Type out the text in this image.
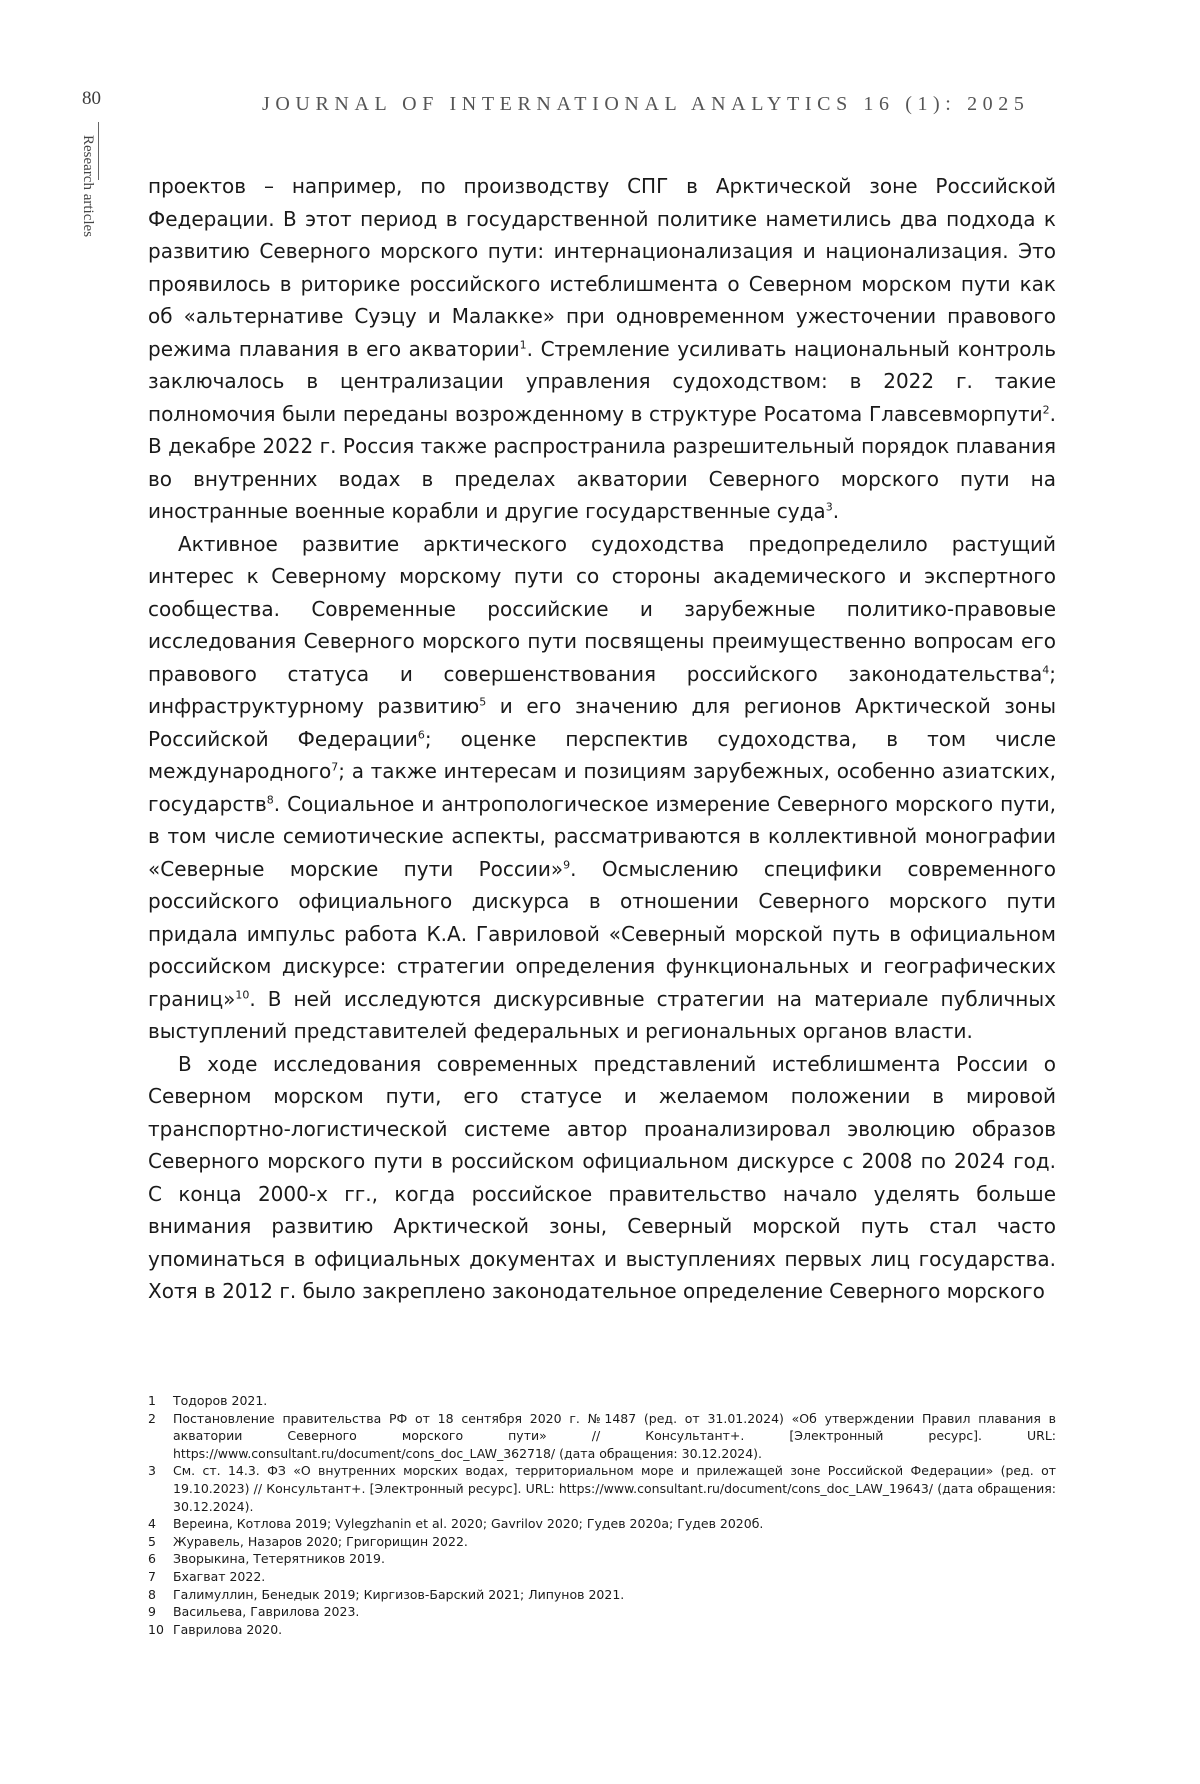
80	JOURNAL OF INTERNATIONAL ANALYTICS 16 (1): 2025
Research articles	проектов – например, по производству СПГ в Арктической зоне Российской Федерации. В этот период в государственной политике наметились два подхода к развитию Северного морского пути: интернационализация и национализация. Это проявилось в риторике российского истеблишмента о Северном морском пути как об «альтернативе Суэцу и Малакке» при одновременном ужесточении правового режима плавания в его акватории$^1$. Стремление усиливать национальный контроль заключалось в централизации управления судоходством: в 2022 г. такие полномочия были переданы возрожденному в структуре Росатома Главсевморпути$^2$. В декабре 2022 г. Россия также распространила разрешительный порядок плавания во внутренних водах в пределах акватории Северного морского пути на иностранные военные корабли и другие государственные суда$^3$.

Активное развитие арктического судоходства предопределило растущий интерес к Северному морскому пути со стороны академического и экспертного сообщества. Современные российские и зарубежные политико-правовые исследования Северного морского пути посвящены преимущественно вопросам его правового статуса и совершенствования российского законодательства$^4$; инфраструктурному развитию$^5$ и его значению для регионов Арктической зоны Российской Федерации$^6$; оценке перспектив судоходства, в том числе международного$^7$; а также интересам и позициям зарубежных, особенно азиатских, государств$^8$. Социальное и антропологическое измерение Северного морского пути, в том числе семиотические аспекты, рассматриваются в коллективной монографии «Северные морские пути России»$^9$. Осмыслению специфики современного российского официального дискурса в отношении Северного морского пути придала импульс работа К.А. Гавриловой «Северный морской путь в официальном российском дискурсе: стратегии определения функциональных и географических границ»$^{10}$. В ней исследуются дискурсивные стратегии на материале публичных выступлений представителей федеральных и региональных органов власти.

В ходе исследования современных представлений истеблишмента России о Северном морском пути, его статусе и желаемом положении в мировой транспортно-логистической системе автор проанализировал эволюцию образов Северного морского пути в российском официальном дискурсе с 2008 по 2024 год. С конца 2000-х гг., когда российское правительство начало уделять больше внимания развитию Арктической зоны, Северный морской путь стал часто упоминаться в официальных документах и выступлениях первых лиц государства. Хотя в 2012 г. было закреплено законодательное определение Северного морского

1 Тодоров 2021.
2 Постановление правительства РФ от 18 сентября 2020 г. №1487 (ред. от 31.01.2024) «Об утверждении Правил плавания в акватории Северного морского пути» // Консультант+. [Электронный ресурс]. URL: https://www.consultant.ru/document/cons_doc_LAW_362718/ (дата обращения: 30.12.2024).
3 См. ст. 14.3. ФЗ «О внутренних морских водах, территориальном море и прилежащей зоне Российской Федерации» (ред. от 19.10.2023) // Консультант+. [Электронный ресурс]. URL: https://www.consultant.ru/document/cons_doc_LAW_19643/ (дата обращения: 30.12.2024).
4 Вереина, Котлова 2019; Vylegzhanin et al. 2020; Gavrilov 2020; Гудев 2020а; Гудев 2020б.
5 Журавель, Назаров 2020; Григорищин 2022.
6 Зворыкина, Тетерятников 2019.
7 Бхагват 2022.
8 Галимуллин, Бенедык 2019; Киргизов-Барский 2021; Липунов 2021.
9 Васильева, Гаврилова 2023.
10 Гаврилова 2020.
